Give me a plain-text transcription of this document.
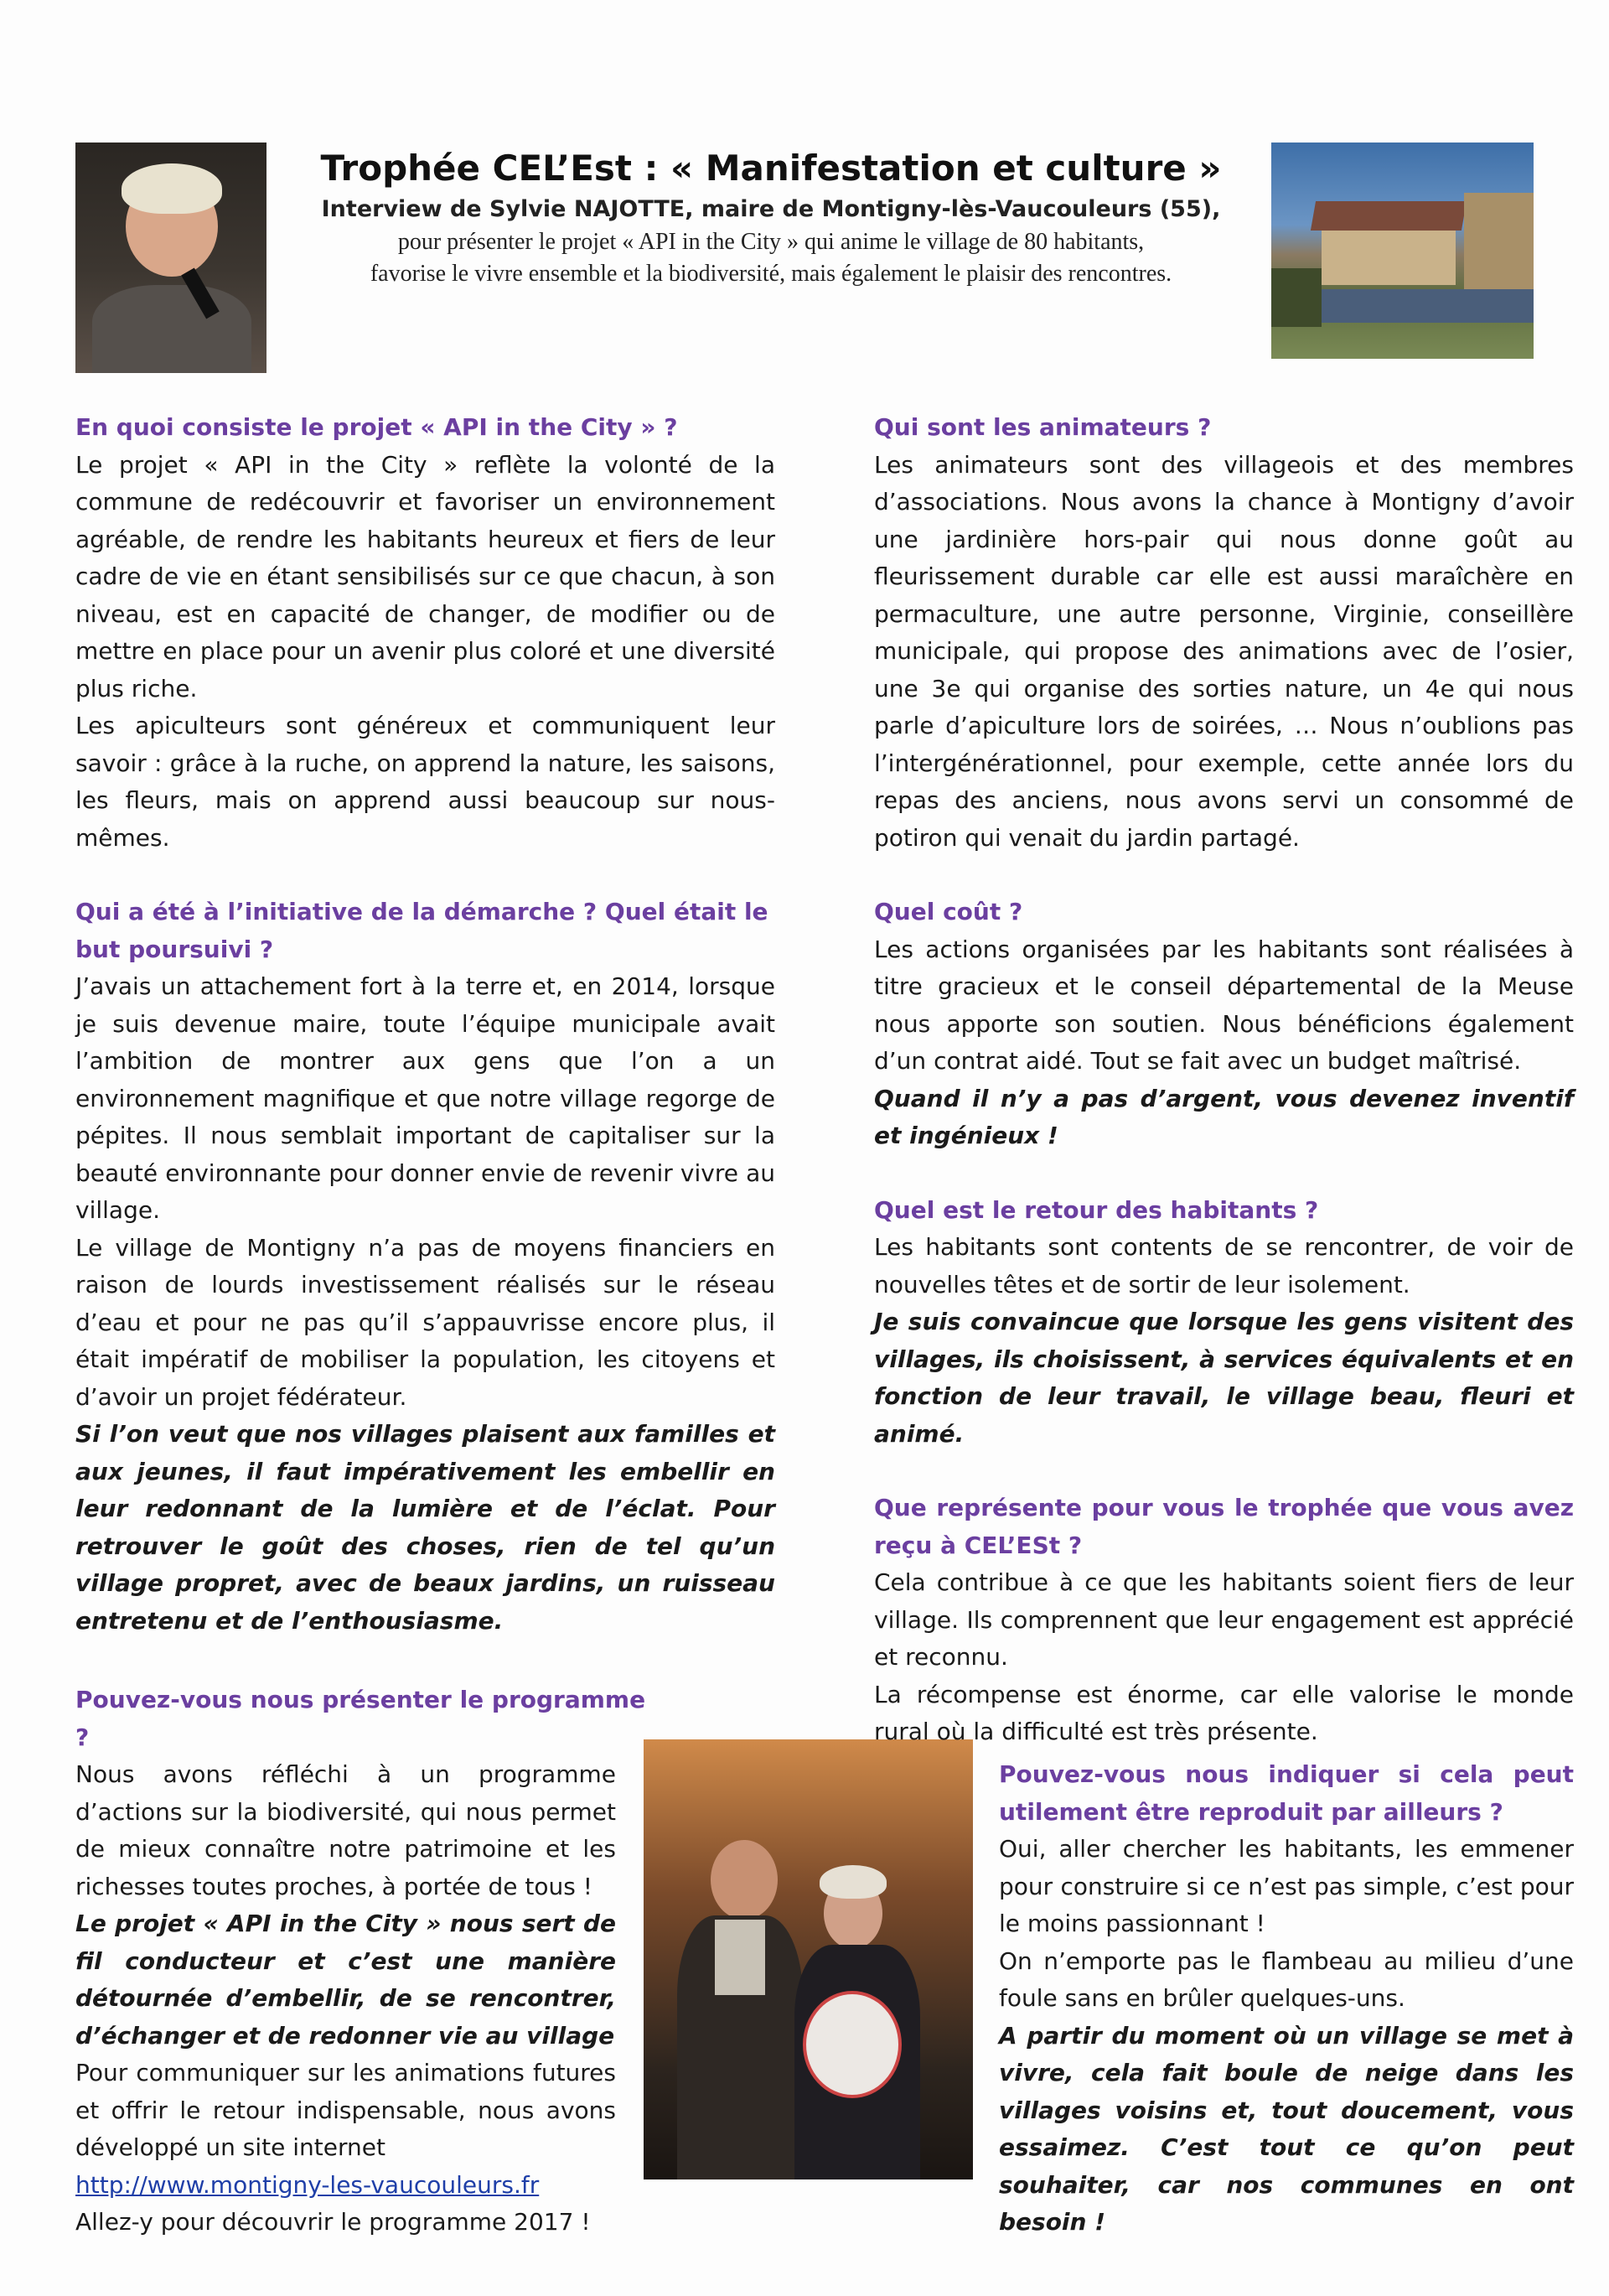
Trophée CEL’Est : « Manifestation et culture »
Interview de Sylvie NAJOTTE, maire de Montigny-lès-Vaucouleurs (55),
pour présenter le projet « API in the City » qui anime le village de 80 habitants,
favorise le vivre ensemble et la biodiversité, mais également le plaisir des rencontres.

En quoi consiste le projet « API in the City » ?

Le projet « API in the City » reflète la volonté de la commune de redécouvrir et favoriser un environnement agréable, de rendre les habitants heureux et fiers de leur cadre de vie en étant sensibilisés sur ce que chacun, à son niveau, est en capacité de changer, de modifier ou de mettre en place pour un avenir plus coloré et une diversité plus riche.

Les apiculteurs sont généreux et communiquent leur savoir : grâce à la ruche, on apprend la nature, les saisons, les fleurs, mais on apprend aussi beaucoup sur nous-mêmes.

Qui a été à l’initiative de la démarche ? Quel était le but poursuivi ?

J’avais un attachement fort à la terre et, en 2014, lorsque je suis devenue maire, toute l’équipe municipale avait l’ambition de montrer aux gens que l’on a un environnement magnifique et que notre village regorge de pépites. Il nous semblait important de capitaliser sur la beauté environnante pour donner envie de revenir vivre au village.

Le village de Montigny n’a pas de moyens financiers en raison de lourds investissement réalisés sur le réseau d’eau et pour ne pas qu’il s’appauvrisse encore plus, il était impératif de mobiliser la population, les citoyens et d’avoir un projet fédérateur.

Si l’on veut que nos villages plaisent aux familles et aux jeunes, il faut impérativement les embellir en leur redonnant de la lumière et de l’éclat. Pour retrouver le goût des choses, rien de tel qu’un village propret, avec de beaux jardins, un ruisseau entretenu et de l’enthousiasme.

Pouvez-vous nous présenter le programme ?

Nous avons réfléchi à un programme d’actions sur la biodiversité, qui nous permet de mieux connaître notre patrimoine et les richesses toutes proches, à portée de tous !

Le projet « API in the City » nous sert de fil conducteur et c’est une manière détournée d’embellir, de se rencontrer, d’échanger et de redonner vie au village

Pour communiquer sur les animations futures et offrir le retour indispensable, nous avons développé un site internet

http://www.montigny-les-vaucouleurs.fr

Allez-y pour découvrir le programme 2017 !

Qui sont les animateurs ?

Les animateurs sont des villageois et des membres d’associations. Nous avons la chance à Montigny d’avoir une jardinière hors-pair qui nous donne goût au fleurissement durable car elle est aussi maraîchère en permaculture, une autre personne, Virginie, conseillère municipale, qui propose des animations avec de l’osier, une 3e qui organise des sorties nature, un 4e qui nous parle d’apiculture lors de soirées, … Nous n’oublions pas l’intergénérationnel, pour exemple, cette année lors du repas des anciens, nous avons servi un consommé de potiron qui venait du jardin partagé.

Quel coût ?

Les actions organisées par les habitants sont réalisées à titre gracieux et le conseil départemental de la Meuse nous apporte son soutien. Nous bénéficions également d’un contrat aidé. Tout se fait avec un budget maîtrisé.

Quand il n’y a pas d’argent, vous devenez inventif et ingénieux !

Quel est le retour des habitants ?

Les habitants sont contents de se rencontrer, de voir de nouvelles têtes et de sortir de leur isolement.

Je suis convaincue que lorsque les gens visitent des villages, ils choisissent, à services équivalents et en fonction de leur travail, le village beau, fleuri et animé.

Que représente pour vous le trophée que vous avez reçu à CEL’ESt ?

Cela contribue à ce que les habitants soient fiers de leur village. Ils comprennent que leur engagement est apprécié et reconnu.

La récompense est énorme, car elle valorise le monde rural où la difficulté est très présente.

Pouvez-vous nous indiquer si cela peut utilement être reproduit par ailleurs ?

Oui, aller chercher les habitants, les emmener pour construire si ce n’est pas simple, c’est pour le moins passionnant !

On n’emporte pas le flambeau au milieu d’une foule sans en brûler quelques-uns.

A partir du moment où un village se met à vivre, cela fait boule de neige dans les villages voisins et, tout doucement, vous essaimez. C’est tout ce qu’on peut souhaiter, car nos communes en ont besoin !
